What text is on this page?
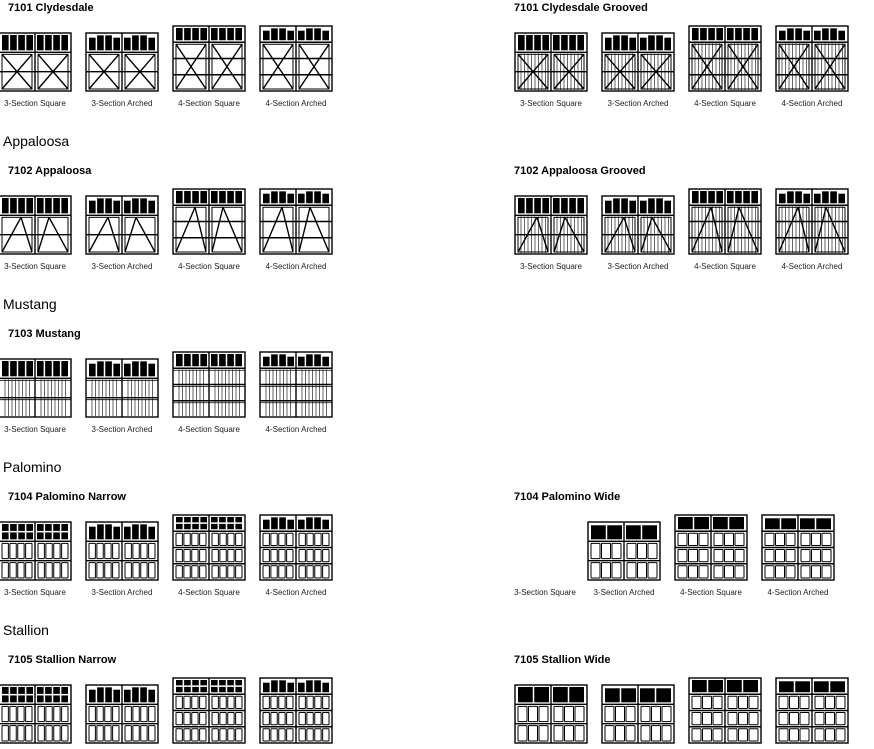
7101 Clydesdale	7101 Clydesdale Grooved
3-Section Square	3-Section Arched	4-Section Square	4-Section Arched	3-Section Square	3-Section Arched	4-Section Square	4-Section Arched
Appaloosa
7102 Appaloosa	7102 Appaloosa Grooved
3-Section Square	3-Section Arched	4-Section Square	4-Section Arched	3-Section Square	3-Section Arched	4-Section Square	4-Section Arched
Mustang
7103 Mustang
3-Section Square	3-Section Arched	4-Section Square	4-Section Arched
Palomino
7104 Palomino Narrow	7104 Palomino Wide
3-Section Square	3-Section Arched	4-Section Square	4-Section Arched	3-Section Square	3-Section Arched	4-Section Square	4-Section Arched
Stallion
7105 Stallion Narrow	7105 Stallion Wide
